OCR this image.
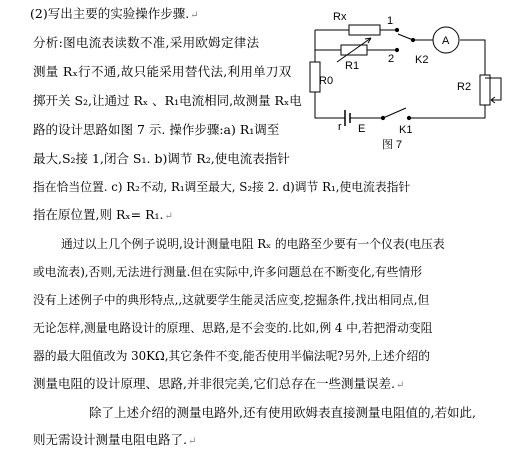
(2)写出主要的实验操作步骤.↵
分析:图电流表读数不准,采用欧姆定律法
测量 Rₓ行不通,故只能采用替代法,利用单刀双
掷开关 S₂,让通过 Rₓ 、R₁电流相同,故测量 Rₓ电
路的设计思路如图 7 示. 操作步骤:a) R₁调至
最大,S₂接 1,闭合 S₁. b)调节 R₂,使电流表指针
指在恰当位置. c) R₂不动, R₁调至最大, S₂接 2. d)调节 R₁,使电流表指针
指在原位置,则 Rₓ= R₁.↵
通过以上几个例子说明,设计测量电阻 Rₓ 的电路至少要有一个仪表(电压表
或电流表),否则,无法进行测量.但在实际中,许多问题总在不断变化,有些情形
没有上述例子中的典形特点,,这就要学生能灵活应变,挖掘条件,找出相同点,但
无论怎样,测量电路设计的原理、思路,是不会变的.比如,例 4 中,若把滑动变阻
器的最大阻值改为 30KΩ,其它条件不变,能否使用半偏法呢?另外,上述介绍的
测量电阻的设计原理、思路,并非很完美,它们总存在一些测量误差.↵
除了上述介绍的测量电路外,还有使用欧姆表直接测量电阻值的,若如此,
则无需设计测量电阻电路了.↵
Rx
R1
R0	R2
A
K2
1
2
K1
E
r
图 7
